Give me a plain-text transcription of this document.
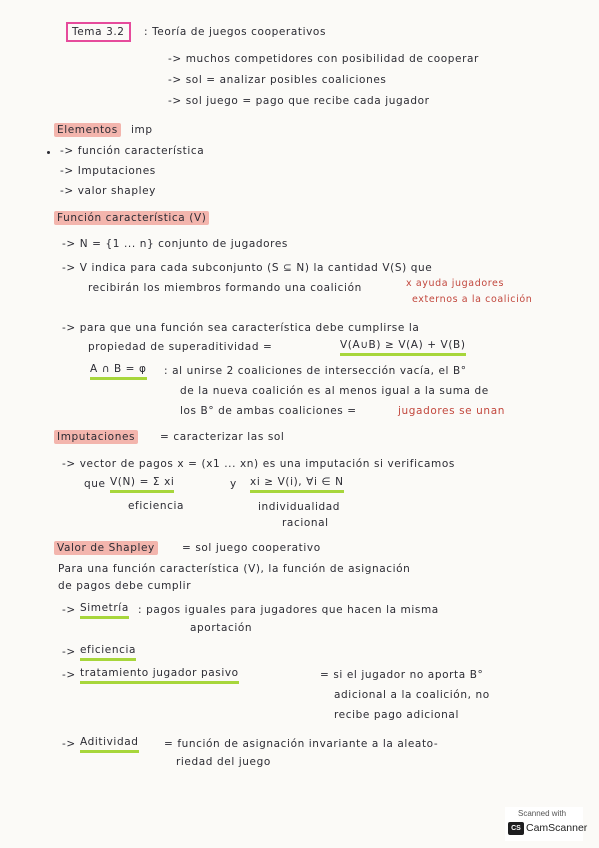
Tema 3.2	: Teoría de juegos cooperativos
-> muchos competidores con posibilidad de cooperar
-> sol = analizar posibles coaliciones
-> sol juego = pago que recibe cada jugador
Elementos imp
-> función característica
-> Imputaciones
-> valor shapley
Función característica (V)
-> N = {1 ... n} conjunto de jugadores
-> V indica para cada subconjunto (S ⊆ N) la cantidad V(S) que
recibirán los miembros formando una coalición	x ayuda jugadores
externos a la coalición
-> para que una función sea característica debe cumplirse la
propiedad de superaditividad =	V(A∪B) ≥ V(A) + V(B)
A ∩ B = φ : al unirse 2 coaliciones de intersección vacía, el B°
de la nueva coalición es al menos igual a la suma de
los B° de ambas coaliciones =	jugadores se unan
Imputaciones = caracterizar las sol
-> vector de pagos x = (x1 ... xn) es una imputación si verificamos
que V(N) = Σ xi	y xi ≥ V(i), ∀i ∈ N
eficiencia	individualidad
racional
Valor de Shapley	= sol juego cooperativo
Para una función característica (V), la función de asignación
de pagos debe cumplir
-> Simetría : pagos iguales para jugadores que hacen la misma
aportación
-> eficiencia
-> tratamiento jugador pasivo	= si el jugador no aporta B°
adicional a la coalición, no
recibe pago adicional
-> Aditividad = función de asignación invariante a la aleato-
riedad del juego
Scanned with
CS CamScanner
